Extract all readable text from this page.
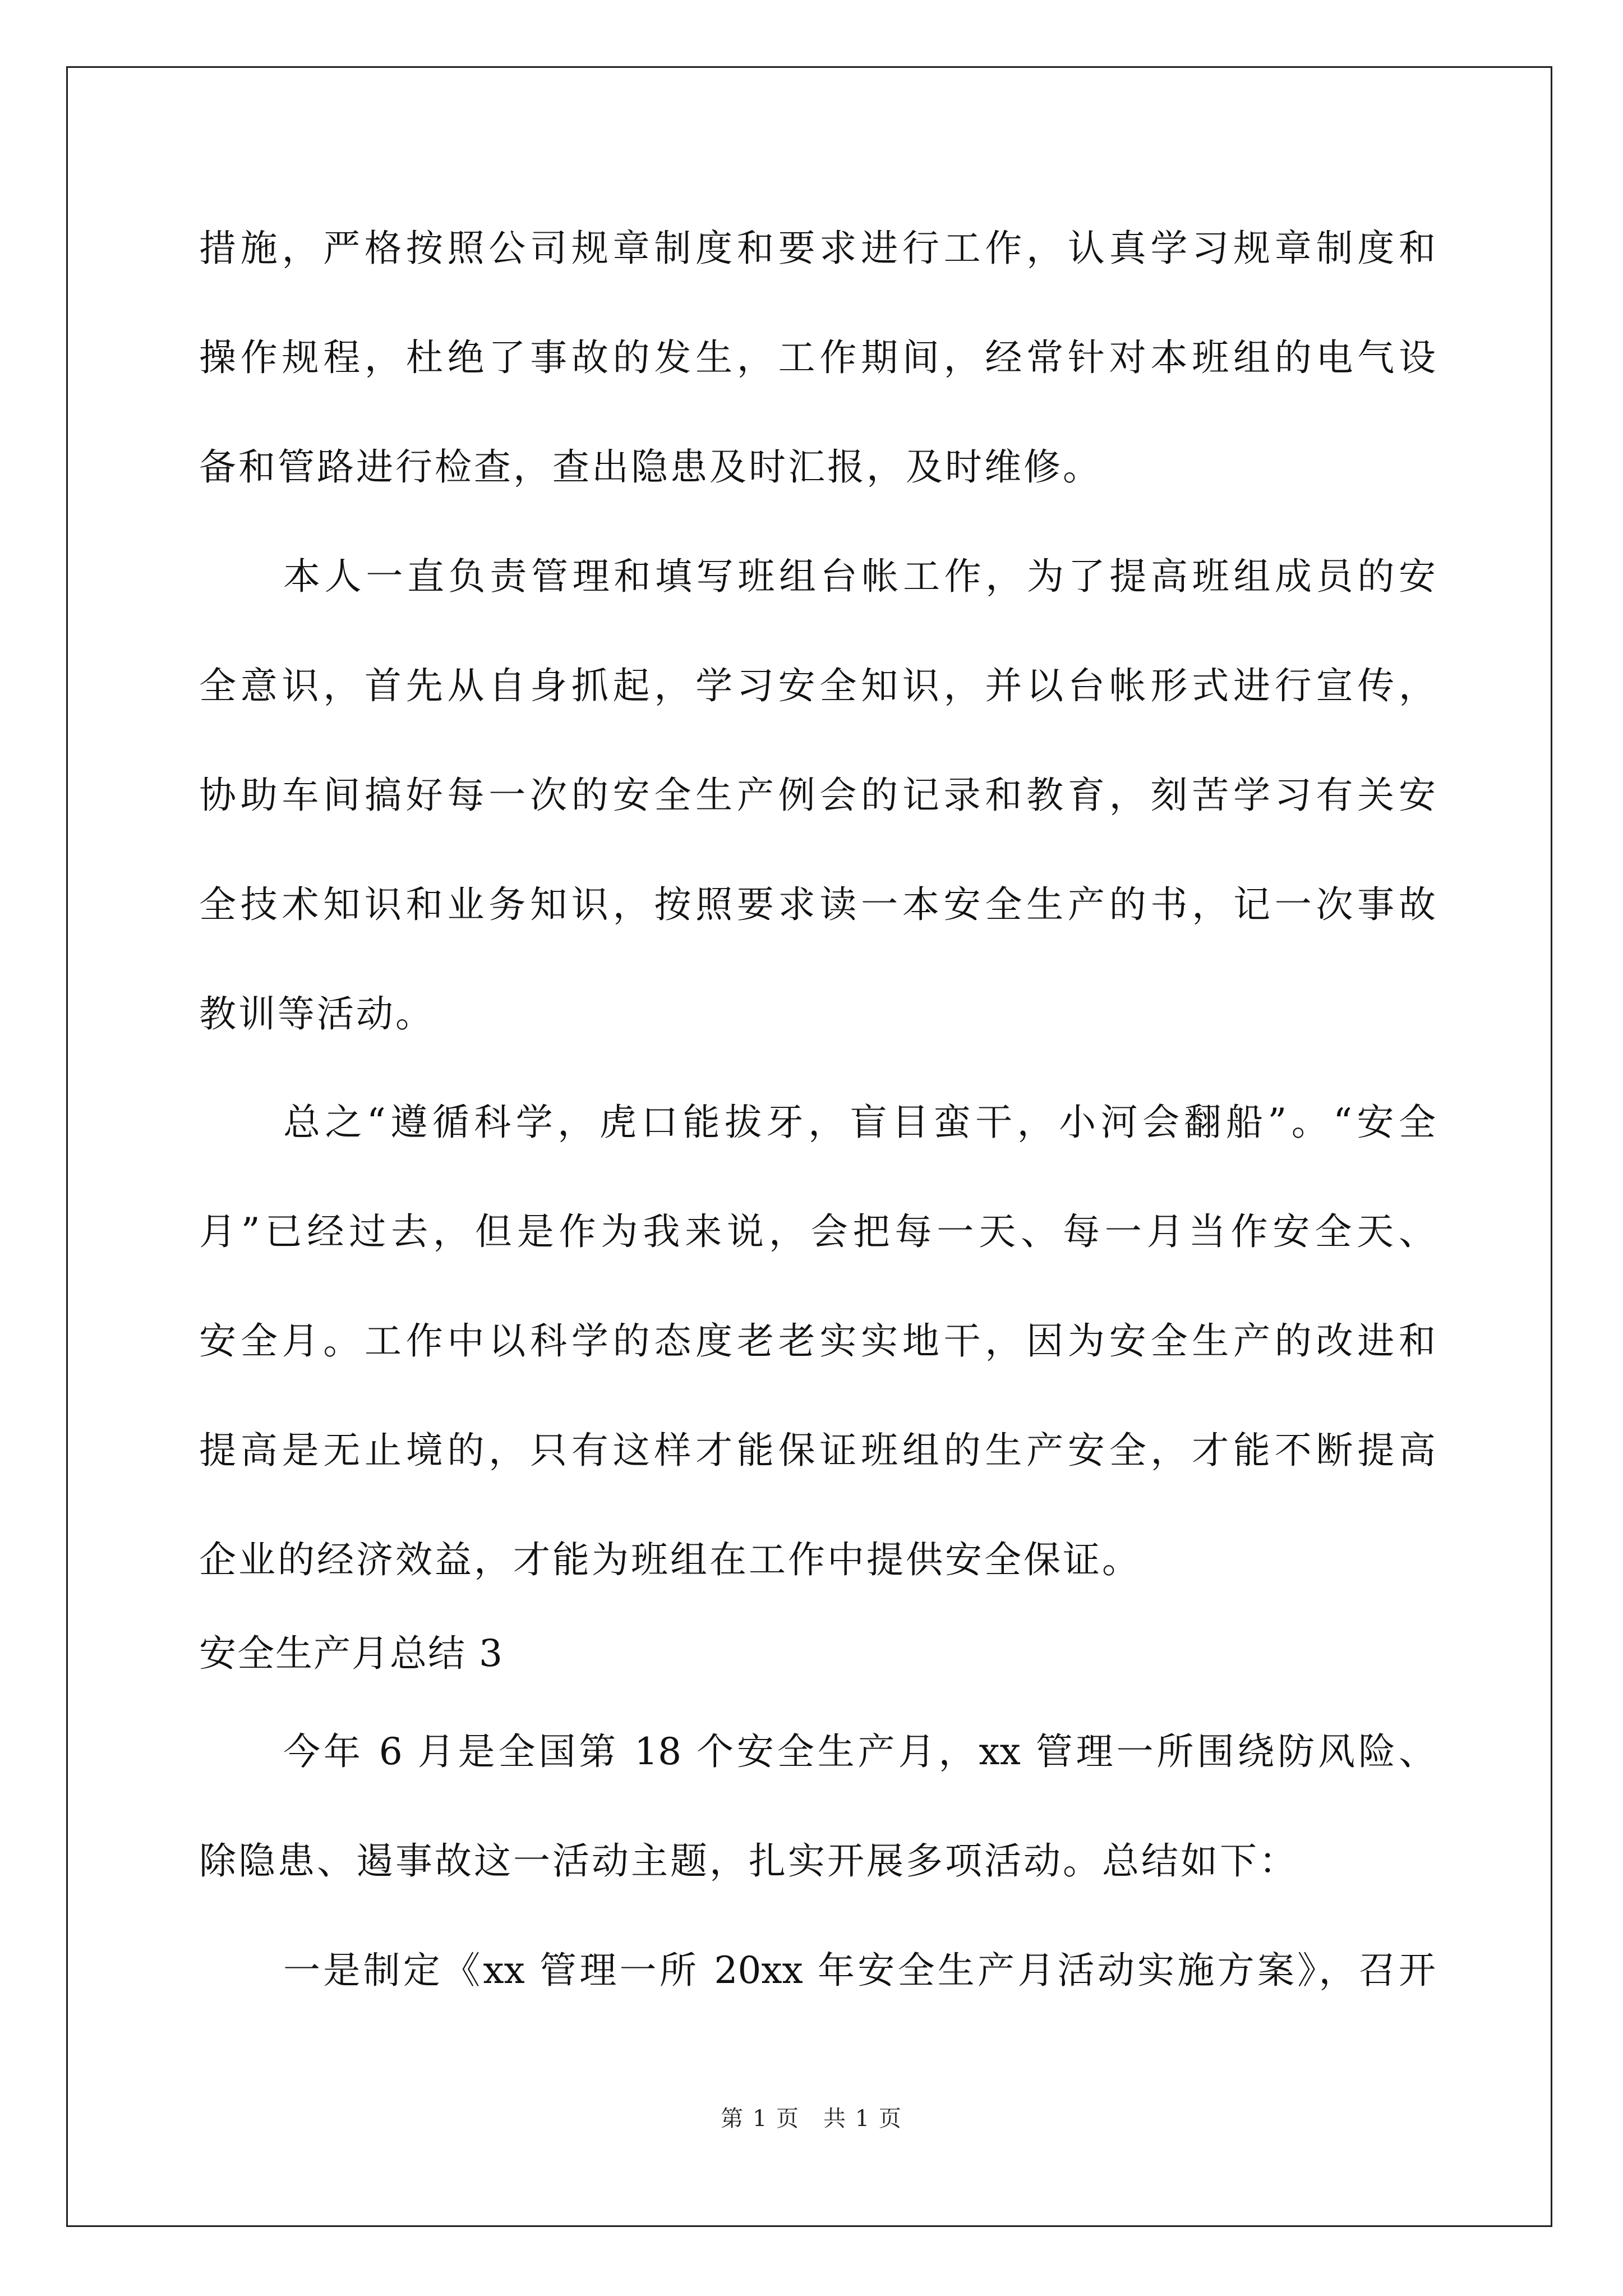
措施，严格按照公司规章制度和要求进行工作，认真学习规章制度和
操作规程，杜绝了事故的发生，工作期间，经常针对本班组的电气设
备和管路进行检查，查出隐患及时汇报，及时维修。
本人一直负责管理和填写班组台帐工作，为了提高班组成员的安
全意识，首先从自身抓起，学习安全知识，并以台帐形式进行宣传，
协助车间搞好每一次的安全生产例会的记录和教育，刻苦学习有关安
全技术知识和业务知识，按照要求读一本安全生产的书，记一次事故
教训等活动。
总之“遵循科学，虎口能拔牙，盲目蛮干，小河会翻船”。“安全
月”已经过去，但是作为我来说，会把每一天、每一月当作安全天、
安全月。工作中以科学的态度老老实实地干，因为安全生产的改进和
提高是无止境的，只有这样才能保证班组的生产安全，才能不断提高
企业的经济效益，才能为班组在工作中提供安全保证。
安全生产月总结 3
今年 6 月是全国第 18 个安全生产月，xx 管理一所围绕防风险、
除隐患、遏事故这一活动主题，扎实开展多项活动。总结如下：
一是制定《xx 管理一所 20xx 年安全生产月活动实施方案》，召开
第 1 页　共 1 页
